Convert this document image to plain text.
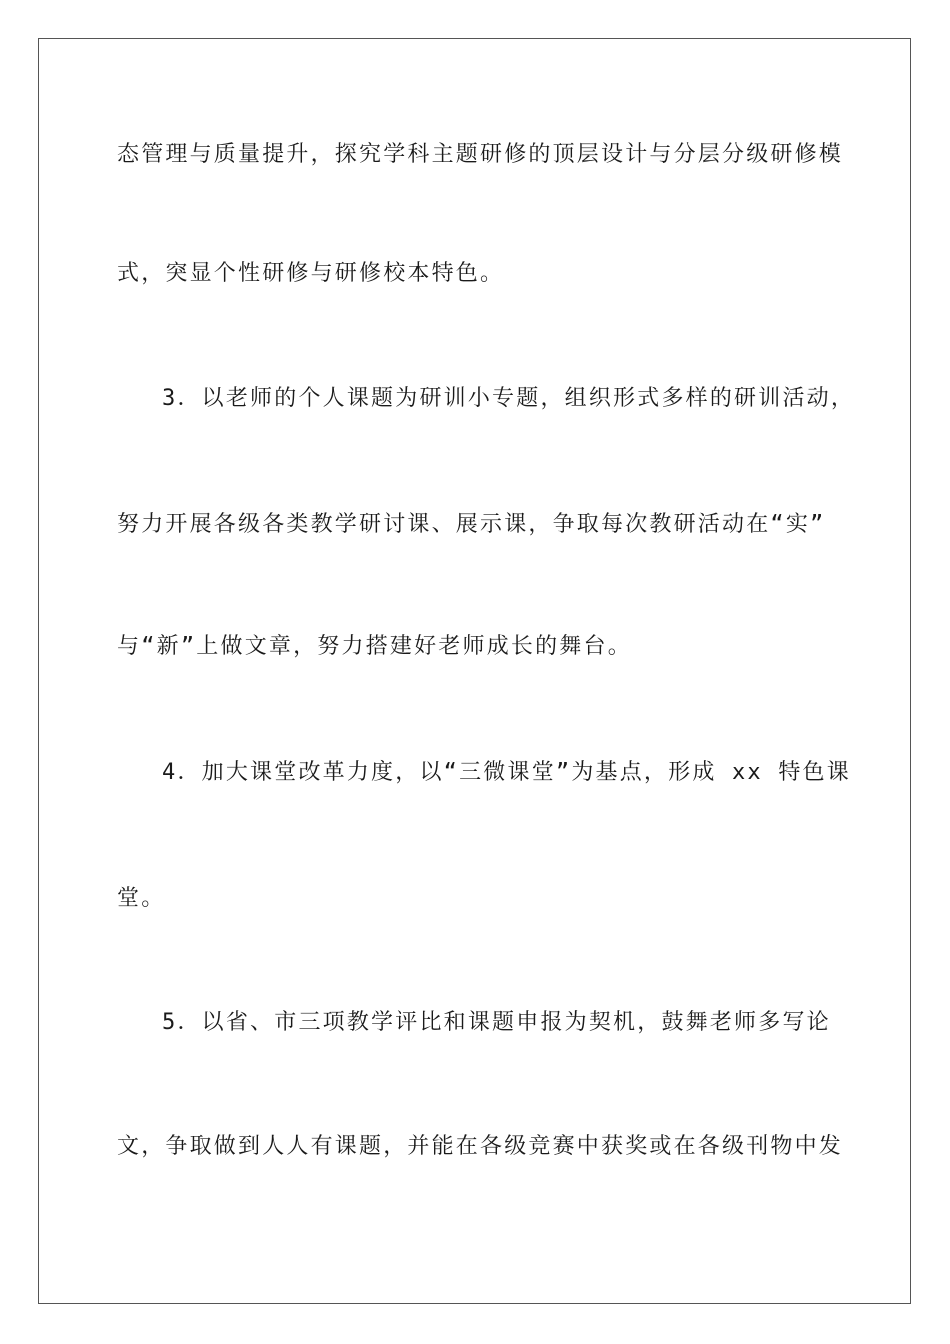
态管理与质量提升，探究学科主题研修的顶层设计与分层分级研修模

式，突显个性研修与研修校本特色。

3．以老师的个人课题为研训小专题，组织形式多样的研训活动，

努力开展各级各类教学研讨课、展示课，争取每次教研活动在“实”

与“新”上做文章，努力搭建好老师成长的舞台。

4．加大课堂改革力度，以“三微课堂”为基点，形成 xx 特色课

堂。

5．以省、市三项教学评比和课题申报为契机，鼓舞老师多写论

文，争取做到人人有课题，并能在各级竞赛中获奖或在各级刊物中发
